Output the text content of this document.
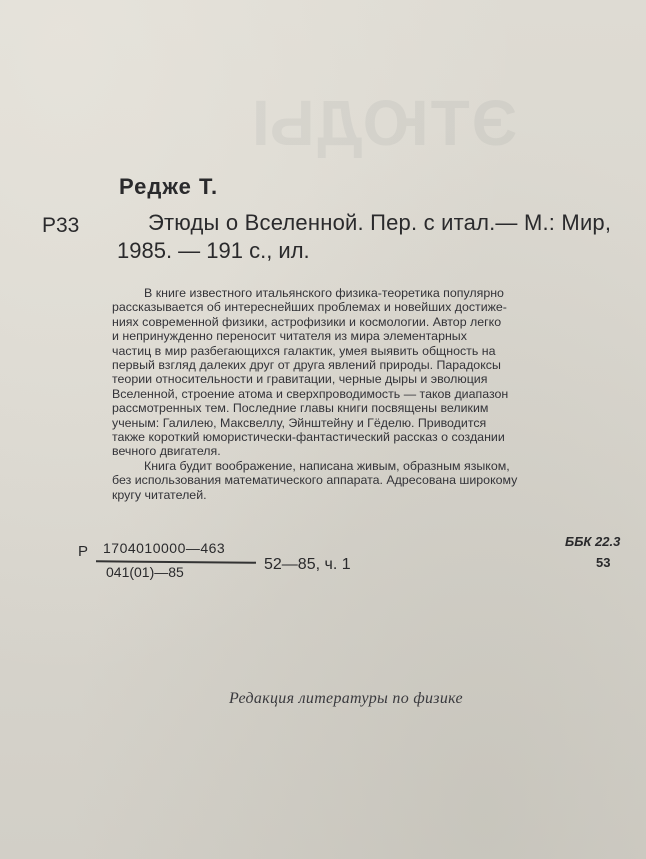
ЭТЮДЫ
Редже Т.
Р33	Этюды о Вселенной. Пер. с итал.— М.: Мир,
1985. — 191 с., ил.
В книге известного итальянского физика-теоретика популярно
рассказывается об интереснейших проблемах и новейших достиже-
ниях современной физики, астрофизики и космологии. Автор легко
и непринужденно переносит читателя из мира элементарных
частиц в мир разбегающихся галактик, умея выявить общность на
первый взгляд далеких друг от друга явлений природы. Парадоксы
теории относительности и гравитации, черные дыры и эволюция
Вселенной, строение атома и сверхпроводимость — таков диапазон
рассмотренных тем. Последние главы книги посвящены великим
ученым: Галилею, Максвеллу, Эйнштейну и Гёделю. Приводится
также короткий юмористически-фантастический рассказ о создании
вечного двигателя.
Книга будит воображение, написана живым, образным языком,
без использования математического аппарата. Адресована широкому
кругу читателей.
Р 1704010000—463
041(01)—85	52—85, ч. 1
ББК 22.3
53
Редакция литературы по физике
